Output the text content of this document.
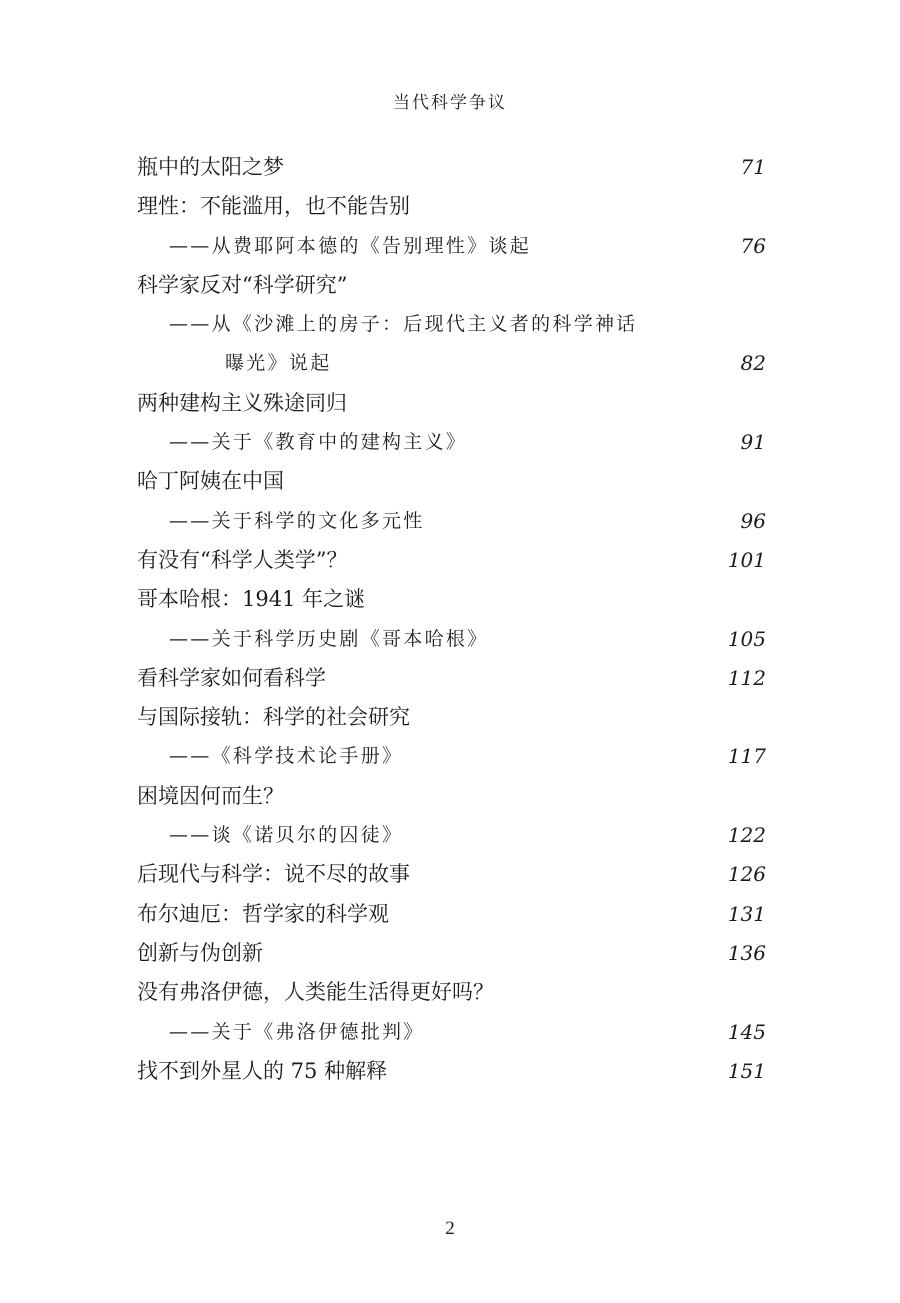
当代科学争议
瓶中的太阳之梦	71
理性：不能滥用，也不能告别
——从费耶阿本德的《告别理性》谈起	76
科学家反对“科学研究”
——从《沙滩上的房子：后现代主义者的科学神话
曝光》说起	82
两种建构主义殊途同归
——关于《教育中的建构主义》	91
哈丁阿姨在中国
——关于科学的文化多元性	96
有没有“科学人类学”？	101
哥本哈根：1941 年之谜
——关于科学历史剧《哥本哈根》	105
看科学家如何看科学	112
与国际接轨：科学的社会研究
——《科学技术论手册》	117
困境因何而生？
——谈《诺贝尔的囚徒》	122
后现代与科学：说不尽的故事	126
布尔迪厄：哲学家的科学观	131
创新与伪创新	136
没有弗洛伊德，人类能生活得更好吗？
——关于《弗洛伊德批判》	145
找不到外星人的 75 种解释	151
2
